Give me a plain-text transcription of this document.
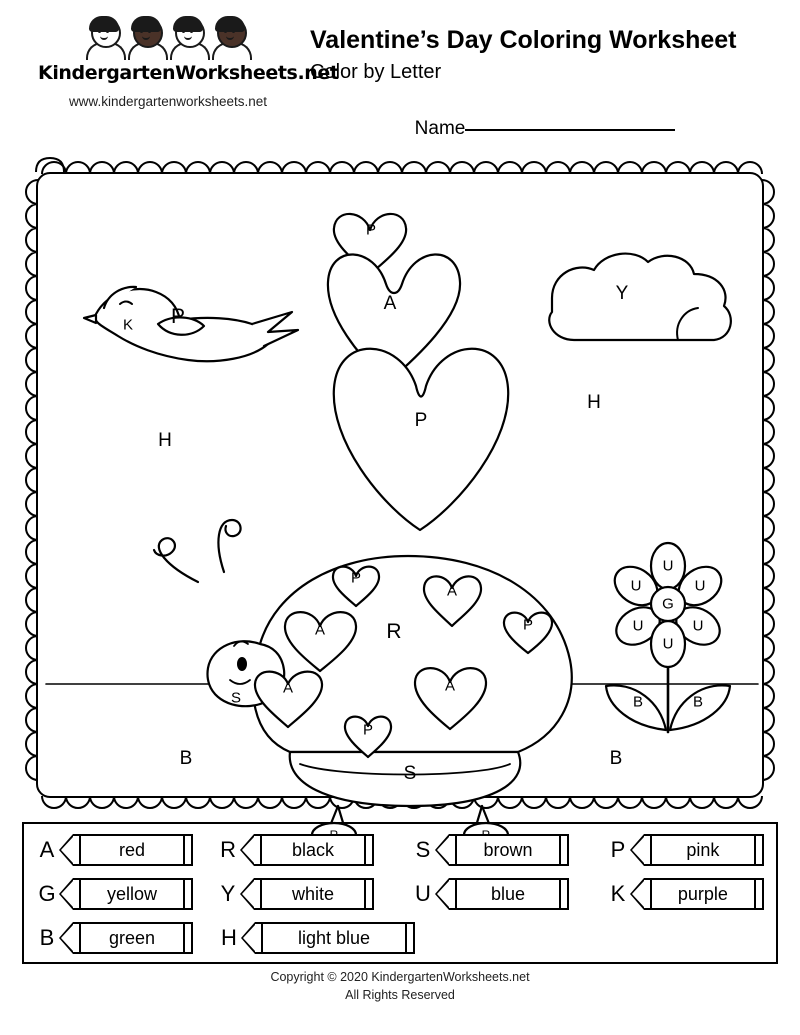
KindergartenWorksheets.net
www.kindergartenworksheets.net
Valentine’s Day Coloring Worksheet
Color by Letter
Name
K P
H
P
A
P
Y
H
P
A
A	R	P
A	A
P
S
S
B	B
U
U	U
G
U	U
U
B	B
A	red	R	black	S	brown	P	pink
G	yellow	Y	white	U	blue	K	purple
B	green	H	light blue
Copyright © 2020 KindergartenWorksheets.net
All Rights Reserved
